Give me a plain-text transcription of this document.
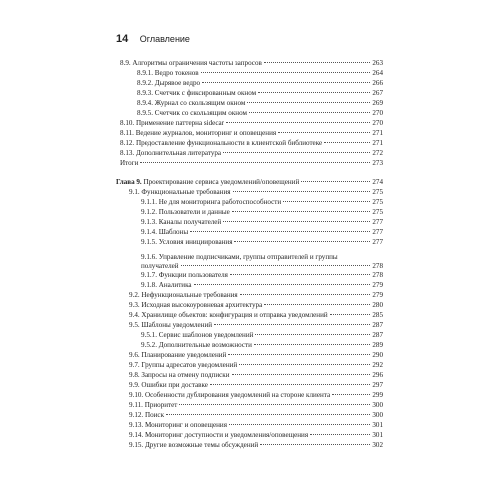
14 Оглавление
8.9. Алгоритмы ограничения частоты запросов	263
8.9.1. Ведро токенов	264
8.9.2. Дырявое ведро	266
8.9.3. Счетчик с фиксированным окном	267
8.9.4. Журнал со скользящим окном	269
8.9.5. Счетчик со скользящим окном	270
8.10. Применение паттерна sidecar	270
8.11. Ведение журналов, мониторинг и оповещения	271
8.12. Предоставление функциональности в клиентской библиотеке	271
8.13. Дополнительная литература	272
Итоги	273
Глава 9. Проектирование сервиса уведомлений/оповещений	274
9.1. Функциональные требования	275
9.1.1. Не для мониторинга работоспособности	275
9.1.2. Пользователи и данные	275
9.1.3. Каналы получателей	277
9.1.4. Шаблоны	277
9.1.5. Условия инициирования	277
9.1.6. Управление подписчиками, группы отправителей и группы
получателей	278
9.1.7. Функции пользователя	278
9.1.8. Аналитика	279
9.2. Нефункциональные требования	279
9.3. Исходная высокоуровневая архитектура	280
9.4. Хранилище объектов: конфигурация и отправка уведомлений	285
9.5. Шаблоны уведомлений	287
9.5.1. Сервис шаблонов уведомлений	287
9.5.2. Дополнительные возможности	289
9.6. Планирование уведомлений	290
9.7. Группы адресатов уведомлений	292
9.8. Запросы на отмену подписки	296
9.9. Ошибки при доставке	297
9.10. Особенности дублирования уведомлений на стороне клиента	299
9.11. Приоритет	300
9.12. Поиск	300
9.13. Мониторинг и оповещения	301
9.14. Мониторинг доступности и уведомления/оповещения	301
9.15. Другие возможные темы обсуждений	302
